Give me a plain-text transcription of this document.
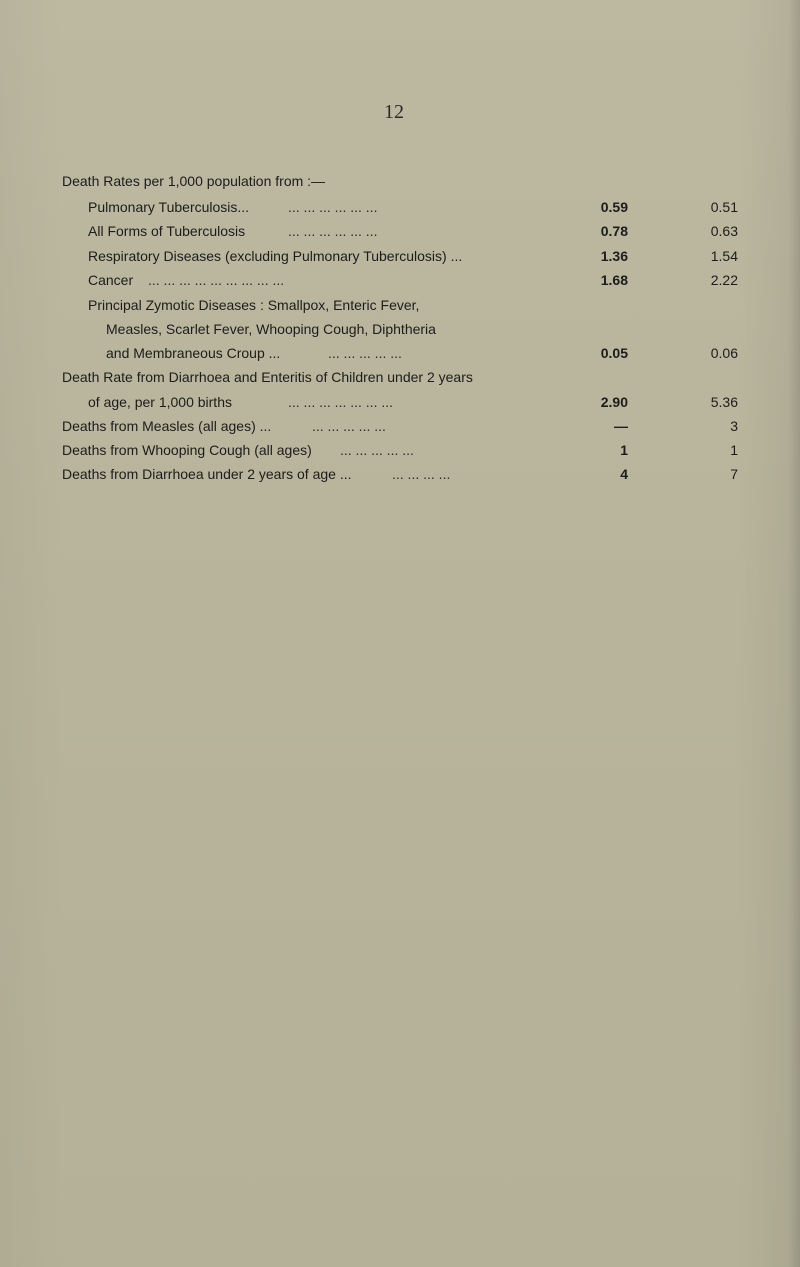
12
Death Rates per 1,000 population from :—
Pulmonary Tuberculosis...	... ... ... ... ... ...	0.59	0.51
All Forms of Tuberculosis	... ... ... ... ... ...	0.78	0.63
Respiratory Diseases (excluding Pulmonary Tuberculosis) ...	1.36	1.54
Cancer ... ... ... ... ... ... ... ... ...	1.68	2.22
Principal Zymotic Diseases : Smallpox, Enteric Fever,
Measles, Scarlet Fever, Whooping Cough, Diphtheria
and Membraneous Croup ...	... ... ... ... ...	0.05	0.06
Death Rate from Diarrhoea and Enteritis of Children under 2 years
of age, per 1,000 births	... ... ... ... ... ... ...	2.90	5.36
Deaths from Measles (all ages) ...	... ... ... ... ...	—	3
Deaths from Whooping Cough (all ages) ... ... ... ... ...	1	1
Deaths from Diarrhoea under 2 years of age ...	... ... ... ...	4	7
